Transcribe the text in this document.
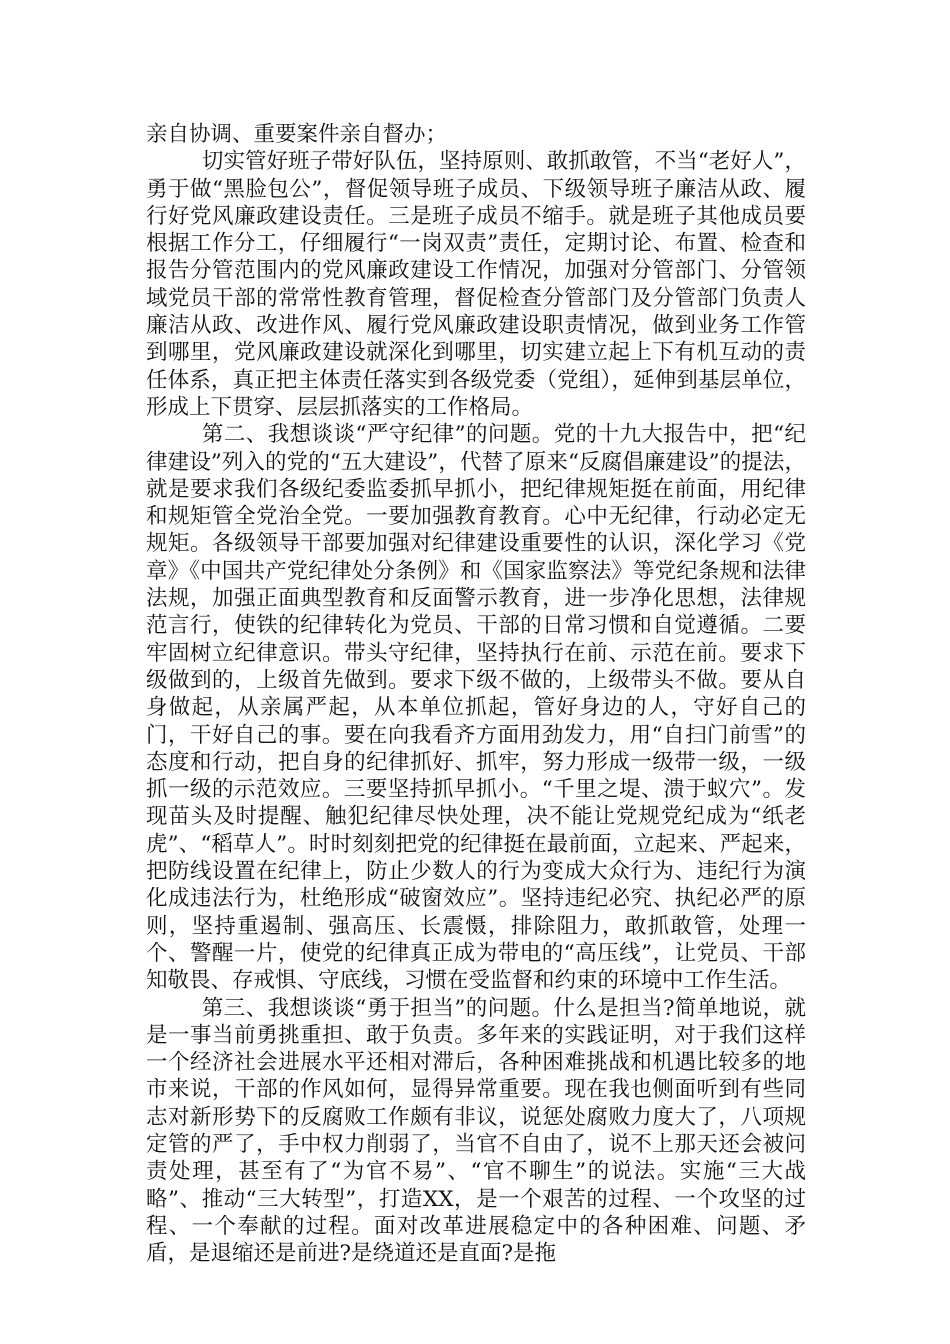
亲自协调、重要案件亲自督办；

切实管好班子带好队伍，坚持原则、敢抓敢管，不当“老好人”，勇于做“黑脸包公”，督促领导班子成员、下级领导班子廉洁从政、履行好党风廉政建设责任。三是班子成员不缩手。就是班子其他成员要根据工作分工，仔细履行“一岗双责”责任，定期讨论、布置、检查和报告分管范围内的党风廉政建设工作情况，加强对分管部门、分管领域党员干部的常常性教育管理，督促检查分管部门及分管部门负责人廉洁从政、改进作风、履行党风廉政建设职责情况，做到业务工作管到哪里，党风廉政建设就深化到哪里，切实建立起上下有机互动的责任体系，真正把主体责任落实到各级党委（党组），延伸到基层单位，形成上下贯穿、层层抓落实的工作格局。

第二、我想谈谈“严守纪律”的问题。党的十九大报告中，把“纪律建设”列入的党的“五大建设”，代替了原来“反腐倡廉建设”的提法，就是要求我们各级纪委监委抓早抓小，把纪律规矩挺在前面，用纪律和规矩管全党治全党。一要加强教育教育。心中无纪律，行动必定无规矩。各级领导干部要加强对纪律建设重要性的认识，深化学习《党章》《中国共产党纪律处分条例》和《国家监察法》等党纪条规和法律法规，加强正面典型教育和反面警示教育，进一步净化思想，法律规范言行，使铁的纪律转化为党员、干部的日常习惯和自觉遵循。二要牢固树立纪律意识。带头守纪律，坚持执行在前、示范在前。要求下级做到的，上级首先做到。要求下级不做的，上级带头不做。要从自身做起，从亲属严起，从本单位抓起，管好身边的人，守好自己的门，干好自己的事。要在向我看齐方面用劲发力，用“自扫门前雪”的态度和行动，把自身的纪律抓好、抓牢，努力形成一级带一级，一级抓一级的示范效应。三要坚持抓早抓小。“千里之堤、溃于蚁穴”。发现苗头及时提醒、触犯纪律尽快处理，决不能让党规党纪成为“纸老虎”、“稻草人”。时时刻刻把党的纪律挺在最前面，立起来、严起来，把防线设置在纪律上，防止少数人的行为变成大众行为、违纪行为演化成违法行为，杜绝形成“破窗效应”。坚持违纪必究、执纪必严的原则，坚持重遏制、强高压、长震慑，排除阻力，敢抓敢管，处理一个、警醒一片，使党的纪律真正成为带电的“高压线”，让党员、干部知敬畏、存戒惧、守底线，习惯在受监督和约束的环境中工作生活。

第三、我想谈谈“勇于担当”的问题。什么是担当?简单地说，就是一事当前勇挑重担、敢于负责。多年来的实践证明，对于我们这样一个经济社会进展水平还相对滞后，各种困难挑战和机遇比较多的地市来说，干部的作风如何，显得异常重要。现在我也侧面听到有些同志对新形势下的反腐败工作颇有非议，说惩处腐败力度大了，八项规定管的严了，手中权力削弱了，当官不自由了，说不上那天还会被问责处理，甚至有了“为官不易”、“官不聊生”的说法。实施“三大战略”、推动“三大转型”，打造XX，是一个艰苦的过程、一个攻坚的过程、一个奉献的过程。面对改革进展稳定中的各种困难、问题、矛盾，是退缩还是前进?是绕道还是直面?是拖
